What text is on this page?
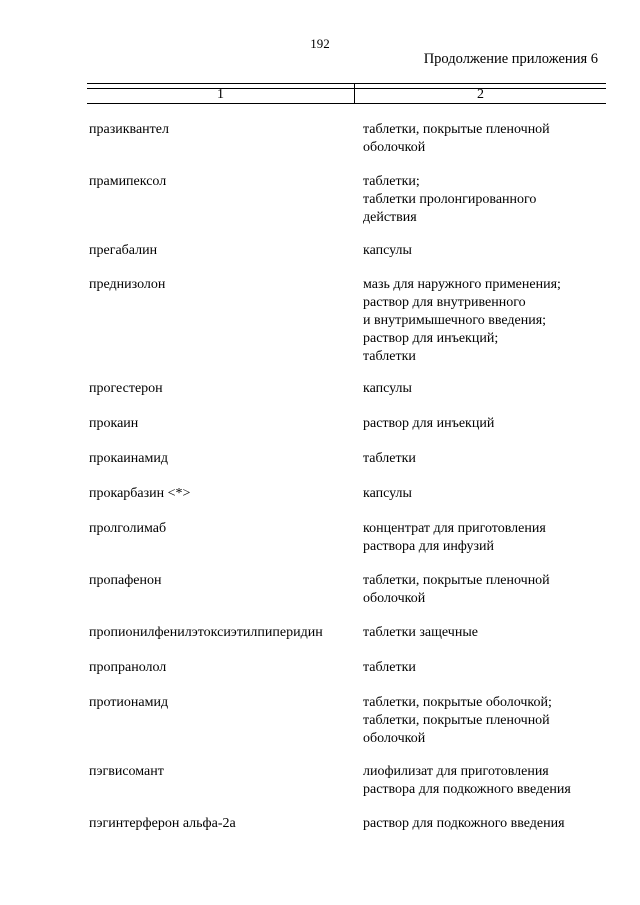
192
Продолжение приложения 6
1	2
празиквантел	таблетки, покрытые пленочной
оболочкой
прамипексол	таблетки;
таблетки пролонгированного
действия
прегабалин	капсулы
преднизолон	мазь для наружного применения;
раствор для внутривенного
и внутримышечного введения;
раствор для инъекций;
таблетки
прогестерон	капсулы
прокаин	раствор для инъекций
прокаинамид	таблетки
прокарбазин <*>	капсулы
пролголимаб	концентрат для приготовления
раствора для инфузий
пропафенон	таблетки, покрытые пленочной
оболочкой
пропионилфенилэтоксиэтилпиперидин	таблетки защечные
пропранолол	таблетки
протионамид	таблетки, покрытые оболочкой;
таблетки, покрытые пленочной
оболочкой
пэгвисомант	лиофилизат для приготовления
раствора для подкожного введения
пэгинтерферон альфа-2а	раствор для подкожного введения
